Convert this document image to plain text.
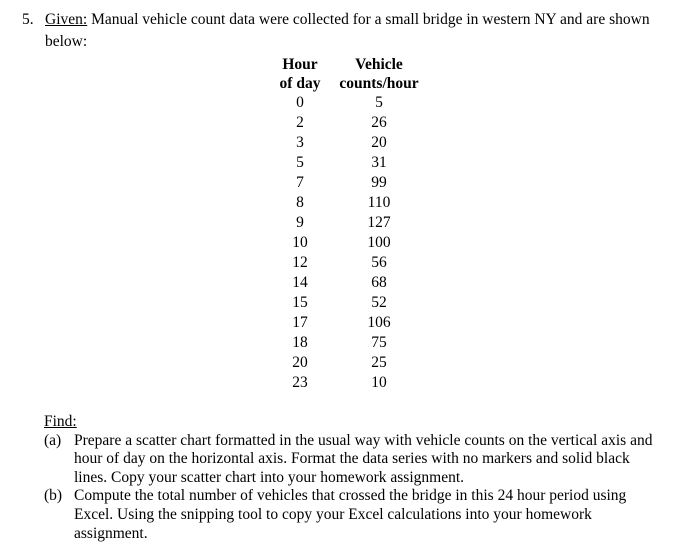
5. Given: Manual vehicle count data were collected for a small bridge in western NY and are shown below:
Hour	Vehicle
of day	counts/hour
0	5
2	26
3	20
5	31
7	99
8	110
9	127
10	100
12	56
14	68
15	52
17	106
18	75
20	25
23	10
Find:
(a) Prepare a scatter chart formatted in the usual way with vehicle counts on the vertical axis and hour of day on the horizontal axis. Format the data series with no markers and solid black lines. Copy your scatter chart into your homework assignment.
(b) Compute the total number of vehicles that crossed the bridge in this 24 hour period using Excel. Using the snipping tool to copy your Excel calculations into your homework assignment.
